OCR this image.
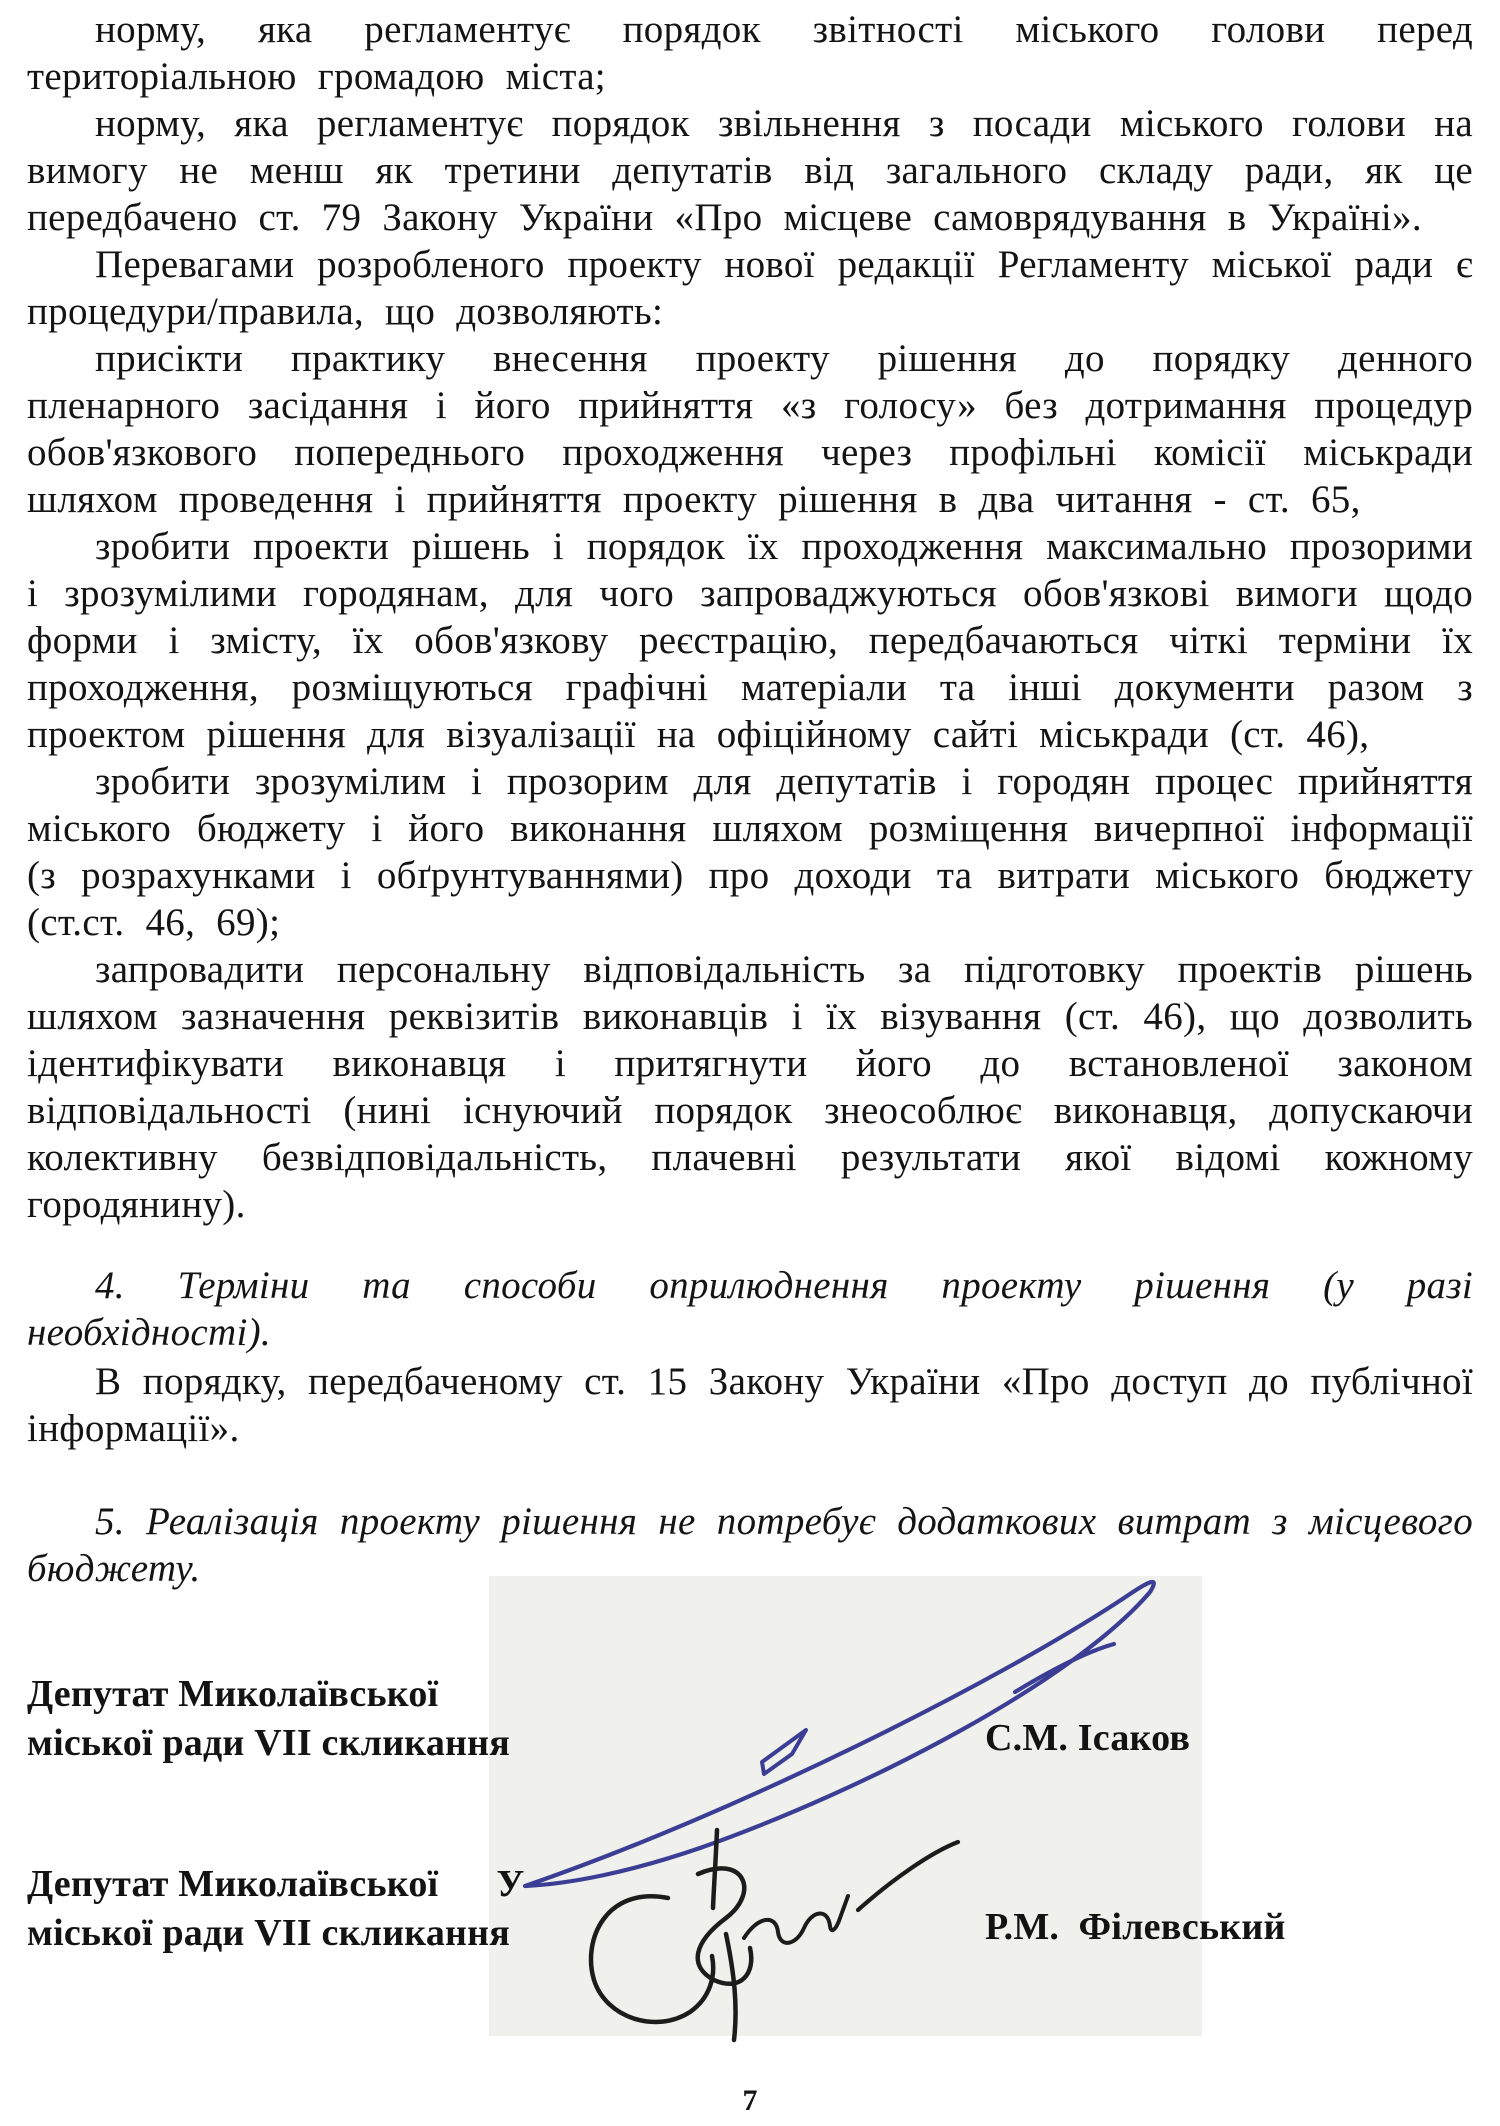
норму, яка регламентує порядок звітності міського голови перед територіальною громадою міста;

норму, яка регламентує порядок звільнення з посади міського голови на вимогу не менш як третини депутатів від загального складу ради, як це передбачено ст. 79 Закону України «Про місцеве самоврядування в Україні».

Перевагами розробленого проекту нової редакції Регламенту міської ради є процедури/правила, що дозволяють:

присікти практику внесення проекту рішення до порядку денного пленарного засідання і його прийняття «з голосу» без дотримання процедур обов'язкового попереднього проходження через профільні комісії міськради шляхом проведення і прийняття проекту рішення в два читання - ст. 65,

зробити проекти рішень і порядок їх проходження максимально прозорими і зрозумілими городянам, для чого запроваджуються обов'язкові вимоги щодо форми і змісту, їх обов'язкову реєстрацію, передбачаються чіткі терміни їх проходження, розміщуються графічні матеріали та інші документи разом з проектом рішення для візуалізації на офіційному сайті міськради (ст. 46),

зробити зрозумілим і прозорим для депутатів і городян процес прийняття міського бюджету і його виконання шляхом розміщення вичерпної інформації (з розрахунками і обґрунтуваннями) про доходи та витрати міського бюджету (ст.ст. 46, 69);

запровадити персональну відповідальність за підготовку проектів рішень шляхом зазначення реквізитів виконавців і їх візування (ст. 46), що дозволить ідентифікувати виконавця і притягнути його до встановленої законом відповідальності (нині існуючий порядок знеособлює виконавця, допускаючи колективну безвідповідальність, плачевні результати якої відомі кожному городянину).

4. Терміни та способи оприлюднення проекту рішення (у разі необхідності).

В порядку, передбаченому ст. 15 Закону України «Про доступ до публічної інформації».

5. Реалізація проекту рішення не потребує додаткових витрат з місцевого бюджету.

Депутат Миколаївської
міської ради VII скликання	С.М. Ісаков
Депутат Миколаївської У
міської ради VII скликання	Р.М.  Філевський
7
